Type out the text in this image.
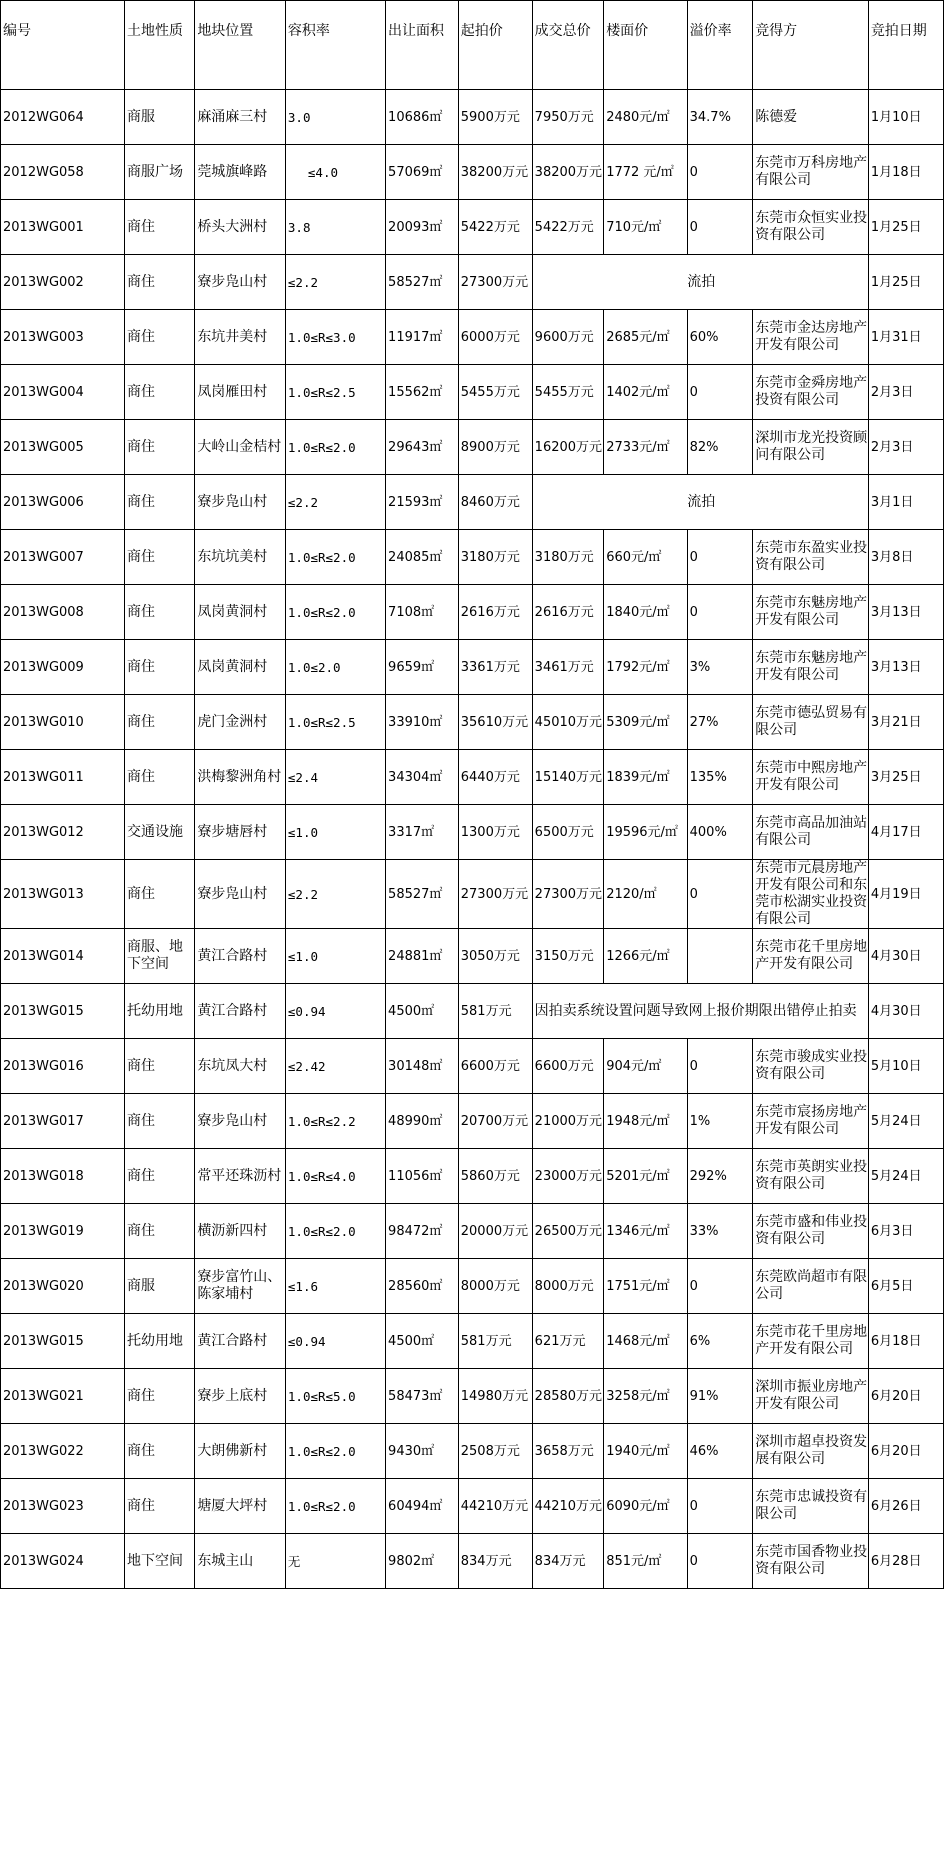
编号	土地性质	地块位置	容积率	出让面积	起拍价	成交总价	楼面价	溢价率	竞得方	竞拍日期
2012WG064	商服	麻涌麻三村	3.0	10686㎡	5900万元	7950万元	2480元/㎡	34.7%	陈德爱	1月10日
2012WG058	商服广场	莞城旗峰路	≤4.0	57069㎡	38200万元	38200万元	1772 元/㎡	0	东莞市万科房地产有限公司	1月18日
2013WG001	商住	桥头大洲村	3.8	20093㎡	5422万元	5422万元	710元/㎡	0	东莞市众恒实业投资有限公司	1月25日
2013WG002	商住	寮步凫山村	≤2.2	58527㎡	27300万元	流拍				1月25日
2013WG003	商住	东坑井美村	1.0≤R≤3.0	11917㎡	6000万元	9600万元	2685元/㎡	60%	东莞市金达房地产开发有限公司	1月31日
2013WG004	商住	凤岗雁田村	1.0≤R≤2.5	15562㎡	5455万元	5455万元	1402元/㎡	0	东莞市金舜房地产投资有限公司	2月3日
2013WG005	商住	大岭山金桔村	1.0≤R≤2.0	29643㎡	8900万元	16200万元	2733元/㎡	82%	深圳市龙光投资顾问有限公司	2月3日
2013WG006	商住	寮步凫山村	≤2.2	21593㎡	8460万元	流拍				3月1日
2013WG007	商住	东坑坑美村	1.0≤R≤2.0	24085㎡	3180万元	3180万元	660元/㎡	0	东莞市东盈实业投资有限公司	3月8日
2013WG008	商住	凤岗黄洞村	1.0≤R≤2.0	7108㎡	2616万元	2616万元	1840元/㎡	0	东莞市东魅房地产开发有限公司	3月13日
2013WG009	商住	凤岗黄洞村	1.0≤2.0	9659㎡	3361万元	3461万元	1792元/㎡	3%	东莞市东魅房地产开发有限公司	3月13日
2013WG010	商住	虎门金洲村	1.0≤R≤2.5	33910㎡	35610万元	45010万元	5309元/㎡	27%	东莞市德弘贸易有限公司	3月21日
2013WG011	商住	洪梅黎洲角村	≤2.4	34304㎡	6440万元	15140万元	1839元/㎡	135%	东莞市中熙房地产开发有限公司	3月25日
2013WG012	交通设施	寮步塘唇村	≤1.0	3317㎡	1300万元	6500万元	19596元/㎡	400%	东莞市高品加油站有限公司	4月17日
2013WG013	商住	寮步凫山村	≤2.2	58527㎡	27300万元	27300万元	2120/㎡	0	东莞市元晨房地产开发有限公司和东莞市松湖实业投资有限公司	4月19日
2013WG014	商服、地下空间	黄江合路村	≤1.0	24881㎡	3050万元	3150万元	1266元/㎡		东莞市花千里房地产开发有限公司	4月30日
2013WG015	托幼用地	黄江合路村	≤0.94	4500㎡	581万元	因拍卖系统设置问题导致网上报价期限出错停止拍卖				4月30日
2013WG016	商住	东坑凤大村	≤2.42	30148㎡	6600万元	6600万元	904元/㎡	0	东莞市骏成实业投资有限公司	5月10日
2013WG017	商住	寮步凫山村	1.0≤R≤2.2	48990㎡	20700万元	21000万元	1948元/㎡	1%	东莞市宸扬房地产开发有限公司	5月24日
2013WG018	商住	常平还珠沥村	1.0≤R≤4.0	11056㎡	5860万元	23000万元	5201元/㎡	292%	东莞市英朗实业投资有限公司	5月24日
2013WG019	商住	横沥新四村	1.0≤R≤2.0	98472㎡	20000万元	26500万元	1346元/㎡	33%	东莞市盛和伟业投资有限公司	6月3日
2013WG020	商服	寮步富竹山、陈家埔村	≤1.6	28560㎡	8000万元	8000万元	1751元/㎡	0	东莞欧尚超市有限公司	6月5日
2013WG015	托幼用地	黄江合路村	≤0.94	4500㎡	581万元	621万元	1468元/㎡	6%	东莞市花千里房地产开发有限公司	6月18日
2013WG021	商住	寮步上底村	1.0≤R≤5.0	58473㎡	14980万元	28580万元	3258元/㎡	91%	深圳市振业房地产开发有限公司	6月20日
2013WG022	商住	大朗佛新村	1.0≤R≤2.0	9430㎡	2508万元	3658万元	1940元/㎡	46%	深圳市超卓投资发展有限公司	6月20日
2013WG023	商住	塘厦大坪村	1.0≤R≤2.0	60494㎡	44210万元	44210万元	6090元/㎡	0	东莞市忠诚投资有限公司	6月26日
2013WG024	地下空间	东城主山	无	9802㎡	834万元	834万元	851元/㎡	0	东莞市国香物业投资有限公司	6月28日
